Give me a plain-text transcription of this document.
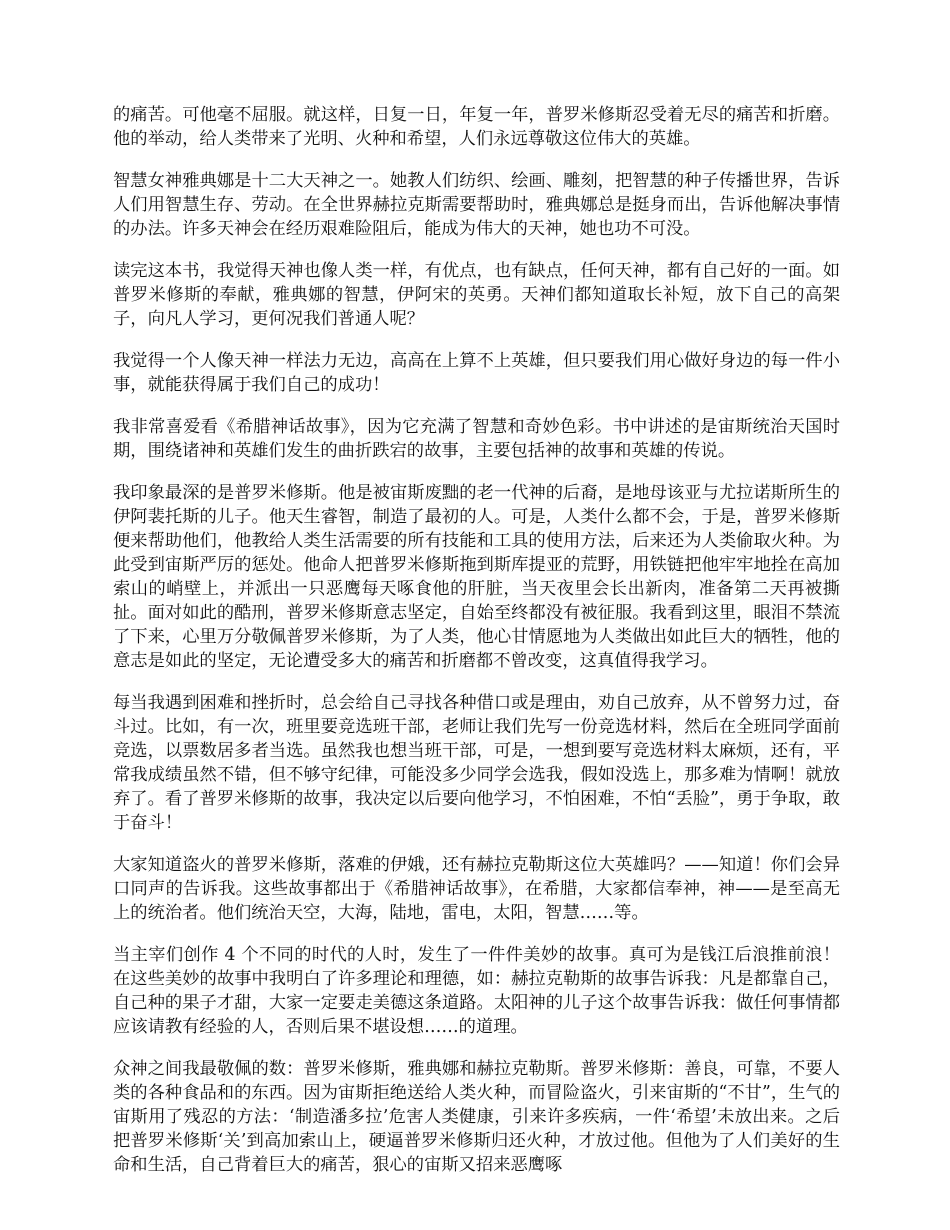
的痛苦。可他毫不屈服。就这样，日复一日，年复一年，普罗米修斯忍受着无尽的痛苦和折磨。他的举动，给人类带来了光明、火种和希望，人们永远尊敬这位伟大的英雄。

智慧女神雅典娜是十二大天神之一。她教人们纺织、绘画、雕刻，把智慧的种子传播世界，告诉人们用智慧生存、劳动。在全世界赫拉克斯需要帮助时，雅典娜总是挺身而出，告诉他解决事情的办法。许多天神会在经历艰难险阻后，能成为伟大的天神，她也功不可没。

读完这本书，我觉得天神也像人类一样，有优点，也有缺点，任何天神，都有自己好的一面。如普罗米修斯的奉献，雅典娜的智慧，伊阿宋的英勇。天神们都知道取长补短，放下自己的高架子，向凡人学习，更何况我们普通人呢？

我觉得一个人像天神一样法力无边，高高在上算不上英雄，但只要我们用心做好身边的每一件小事，就能获得属于我们自己的成功！

我非常喜爱看《希腊神话故事》，因为它充满了智慧和奇妙色彩。书中讲述的是宙斯统治天国时期，围绕诸神和英雄们发生的曲折跌宕的故事，主要包括神的故事和英雄的传说。

我印象最深的是普罗米修斯。他是被宙斯废黜的老一代神的后裔，是地母该亚与尤拉诺斯所生的伊阿裴托斯的儿子。他天生睿智，制造了最初的人。可是，人类什么都不会，于是，普罗米修斯便来帮助他们，他教给人类生活需要的所有技能和工具的使用方法，后来还为人类偷取火种。为此受到宙斯严厉的惩处。他命人把普罗米修斯拖到斯库提亚的荒野，用铁链把他牢牢地拴在高加索山的峭壁上，并派出一只恶鹰每天啄食他的肝脏，当天夜里会长出新肉，准备第二天再被撕扯。面对如此的酷刑，普罗米修斯意志坚定，自始至终都没有被征服。我看到这里，眼泪不禁流了下来，心里万分敬佩普罗米修斯，为了人类，他心甘情愿地为人类做出如此巨大的牺牲，他的意志是如此的坚定，无论遭受多大的痛苦和折磨都不曾改变，这真值得我学习。

每当我遇到困难和挫折时，总会给自己寻找各种借口或是理由，劝自己放弃，从不曾努力过，奋斗过。比如，有一次，班里要竞选班干部，老师让我们先写一份竞选材料，然后在全班同学面前竞选，以票数居多者当选。虽然我也想当班干部，可是，一想到要写竞选材料太麻烦，还有，平常我成绩虽然不错，但不够守纪律，可能没多少同学会选我，假如没选上，那多难为情啊！就放弃了。看了普罗米修斯的故事，我决定以后要向他学习，不怕困难，不怕“丢脸”，勇于争取，敢于奋斗！

大家知道盗火的普罗米修斯，落难的伊娥，还有赫拉克勒斯这位大英雄吗？——知道！你们会异口同声的告诉我。这些故事都出于《希腊神话故事》，在希腊，大家都信奉神，神——是至高无上的统治者。他们统治天空，大海，陆地，雷电，太阳，智慧……等。

当主宰们创作 4 个不同的时代的人时，发生了一件件美妙的故事。真可为是钱江后浪推前浪！在这些美妙的故事中我明白了许多理论和理德，如：赫拉克勒斯的故事告诉我：凡是都靠自己，自己种的果子才甜，大家一定要走美德这条道路。太阳神的儿子这个故事告诉我：做任何事情都应该请教有经验的人，否则后果不堪设想……的道理。

众神之间我最敬佩的数：普罗米修斯，雅典娜和赫拉克勒斯。普罗米修斯：善良，可靠，不要人类的各种食品和的东西。因为宙斯拒绝送给人类火种，而冒险盗火，引来宙斯的“不甘”，生气的宙斯用了残忍的方法：‘制造潘多拉’危害人类健康，引来许多疾病，一件‘希望’未放出来。之后把普罗米修斯‘关’到高加索山上，硬逼普罗米修斯归还火种，才放过他。但他为了人们美好的生命和生活，自己背着巨大的痛苦，狠心的宙斯又招来恶鹰啄
